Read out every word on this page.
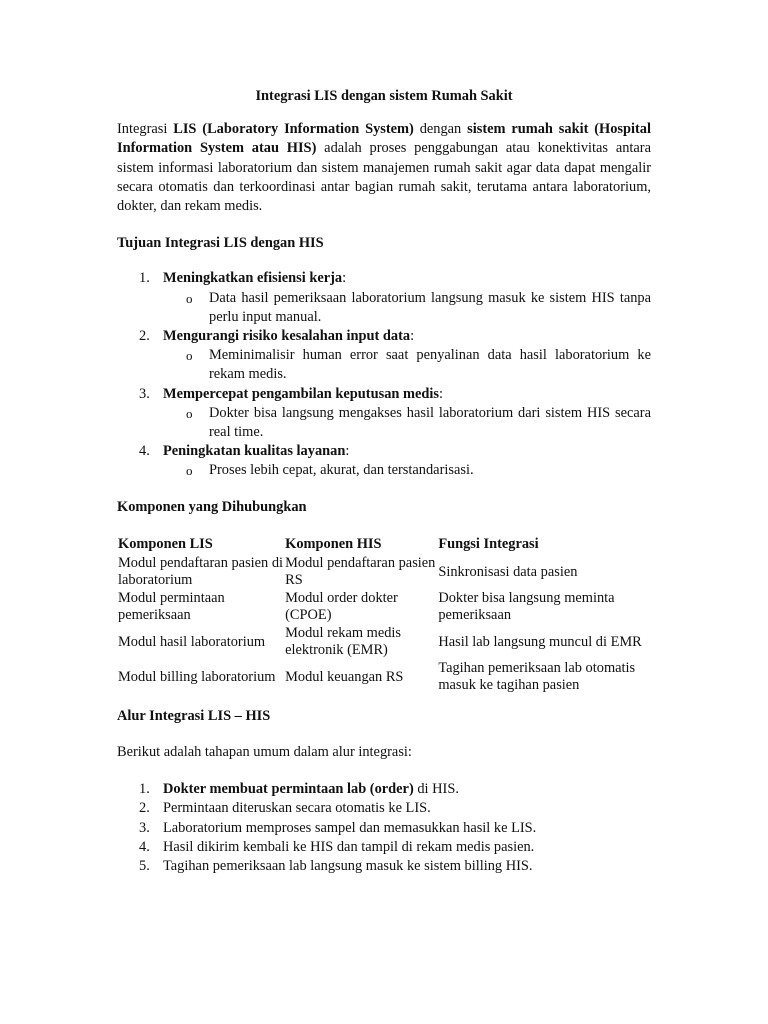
Integrasi LIS dengan sistem Rumah Sakit

Integrasi LIS (Laboratory Information System) dengan sistem rumah sakit (Hospital Information System atau HIS) adalah proses penggabungan atau konektivitas antara sistem informasi laboratorium dan sistem manajemen rumah sakit agar data dapat mengalir secara otomatis dan terkoordinasi antar bagian rumah sakit, terutama antara laboratorium, dokter, dan rekam medis.

Tujuan Integrasi LIS dengan HIS
1. Meningkatkan efisiensi kerja:
o Data hasil pemeriksaan laboratorium langsung masuk ke sistem HIS tanpa perlu input manual.
2. Mengurangi risiko kesalahan input data:
o Meminimalisir human error saat penyalinan data hasil laboratorium ke rekam medis.
3. Mempercepat pengambilan keputusan medis:
o Dokter bisa langsung mengakses hasil laboratorium dari sistem HIS secara real time.
4. Peningkatan kualitas layanan:
o Proses lebih cepat, akurat, dan terstandarisasi.
Komponen yang Dihubungkan
Komponen LIS	Komponen HIS	Fungsi Integrasi
Modul pendaftaran pasien di laboratorium	Modul pendaftaran pasien RS	Sinkronisasi data pasien
Modul permintaan pemeriksaan	Modul order dokter (CPOE)	Dokter bisa langsung meminta pemeriksaan
Modul hasil laboratorium	Modul rekam medis elektronik (EMR)	Hasil lab langsung muncul di EMR
Modul billing laboratorium	Modul keuangan RS	Tagihan pemeriksaan lab otomatis masuk ke tagihan pasien
Alur Integrasi LIS – HIS

Berikut adalah tahapan umum dalam alur integrasi:

1. Dokter membuat permintaan lab (order) di HIS.
2. Permintaan diteruskan secara otomatis ke LIS.
3. Laboratorium memproses sampel dan memasukkan hasil ke LIS.
4. Hasil dikirim kembali ke HIS dan tampil di rekam medis pasien.
5. Tagihan pemeriksaan lab langsung masuk ke sistem billing HIS.
